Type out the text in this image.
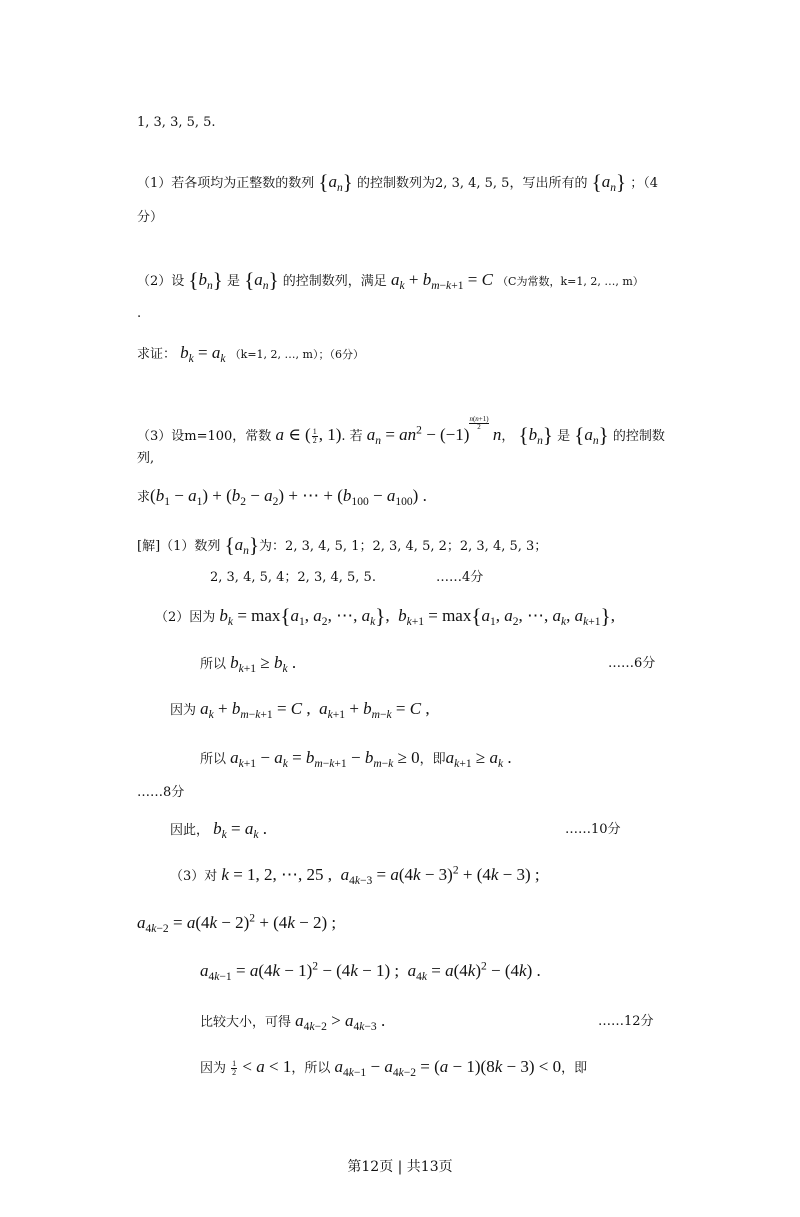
1, 3, 3, 5, 5.
（1）若各项均为正整数的数列 $\{a_n\}$ 的控制数列为2, 3, 4, 5, 5，写出所有的 $\{a_n\}$ ；（4
分）
（2）设 $\{b_n\}$ 是 $\{a_n\}$ 的控制数列，满足 $a_k + b_{m-k+1} = C$ （C为常数，k=1, 2, …, m）
.
求证： $b_k = a_k$ （k=1, 2, …, m）；（6分）
（3）设m=100，常数 a ∈ ( $\frac{1}{2}$ , 1). 若 $a_n = an^2 - (-1)$
$\frac{n(n+1)}{2}$
n， $\{b_n\}$ 是 $\{a_n\}$ 的控制数
列,
求$(b_1 - a_1) + (b_2 - a_2)$ + ⋯ + $(b_{100} - a_{100})$ .
[解]（1）数列 $\{a_n\}$为：2, 3, 4, 5, 1；2, 3, 4, 5, 2；2, 3, 4, 5, 3；
2, 3, 4, 5, 4；2, 3, 4, 5, 5.	……4分
（2）因为 $b_k = \max\{a_1$, $a_2$, ⋯, $a_k$},  $b_{k+1} = \max\{a_1$, $a_2$, ⋯, $a_k$, $a_{k+1}$},
所以 $b_{k+1} \ge b_k$ .	……6分
因为 $a_k + b_{m-k+1} = C$ ,  $a_{k+1} + b_{m-k} = C$ ,
所以 $a_{k+1} - a_k = b_{m-k+1} - b_{m-k} \ge 0$，即$a_{k+1} \ge a_k$ .
……8分
因此， $b_k = a_k$ .	……10分
（3）对 k = 1, 2, ⋯, 25 ,  $a_{4k-3} = a(4k - 3)^2 + (4k - 3)$ ;
$a_{4k-2} = a(4k - 2)^2 + (4k - 2)$ ;
$a_{4k-1} = a(4k - 1)^2 - (4k - 1)$ ;  $a_{4k} = a(4k)^2 - (4k)$ .
比较大小，可得 $a_{4k-2} > a_{4k-3}$ .	……12分
因为 $\frac{1}{2} < a < 1$，所以 $a_{4k-1} - a_{4k-2} = (a - 1)(8k - 3) < 0$，即
第12页 | 共13页
